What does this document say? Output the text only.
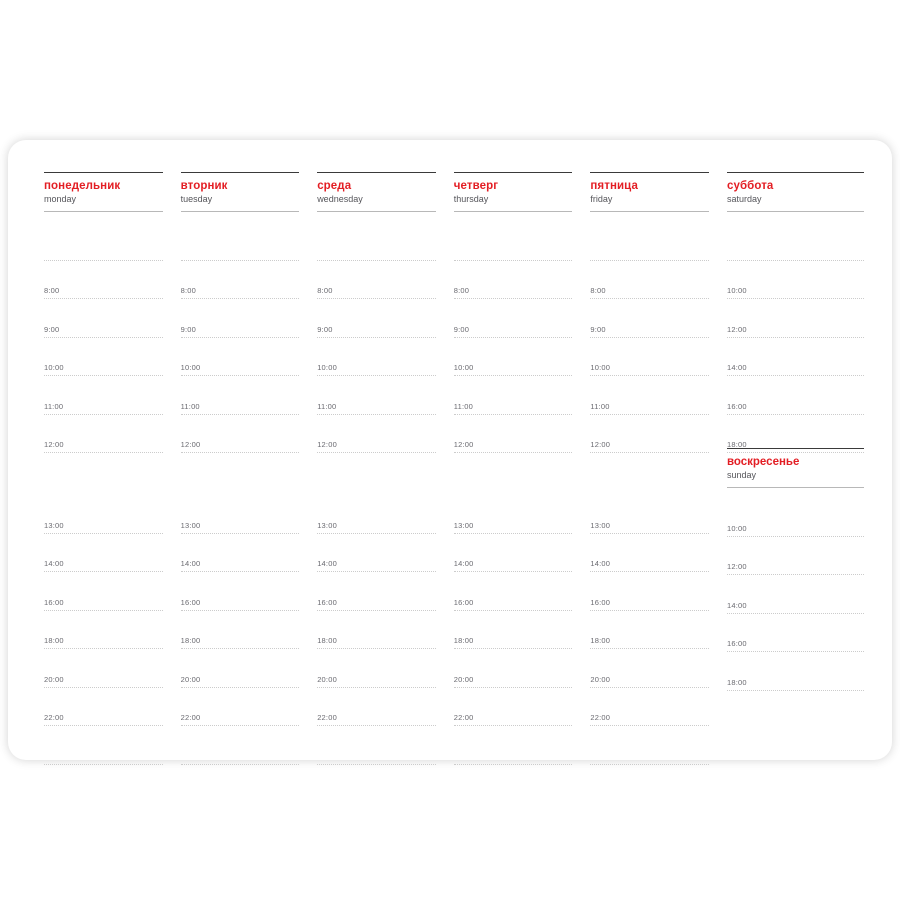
понедельник
monday
8:00
9:00
10:00
11:00
12:00
вторник
tuesday
8:00
9:00
10:00
11:00
12:00
среда
wednesday
8:00
9:00
10:00
11:00
12:00
четверг
thursday
8:00
9:00
10:00
11:00
12:00
пятница
friday
8:00
9:00
10:00
11:00
12:00
суббота
saturday
10:00
12:00
14:00
16:00
18:00
13:00
14:00
16:00
18:00
20:00
22:00
13:00
14:00
16:00
18:00
20:00
22:00
13:00
14:00
16:00
18:00
20:00
22:00
13:00
14:00
16:00
18:00
20:00
22:00
13:00
14:00
16:00
18:00
20:00
22:00
воскресенье
sunday
10:00
12:00
14:00
16:00
18:00
